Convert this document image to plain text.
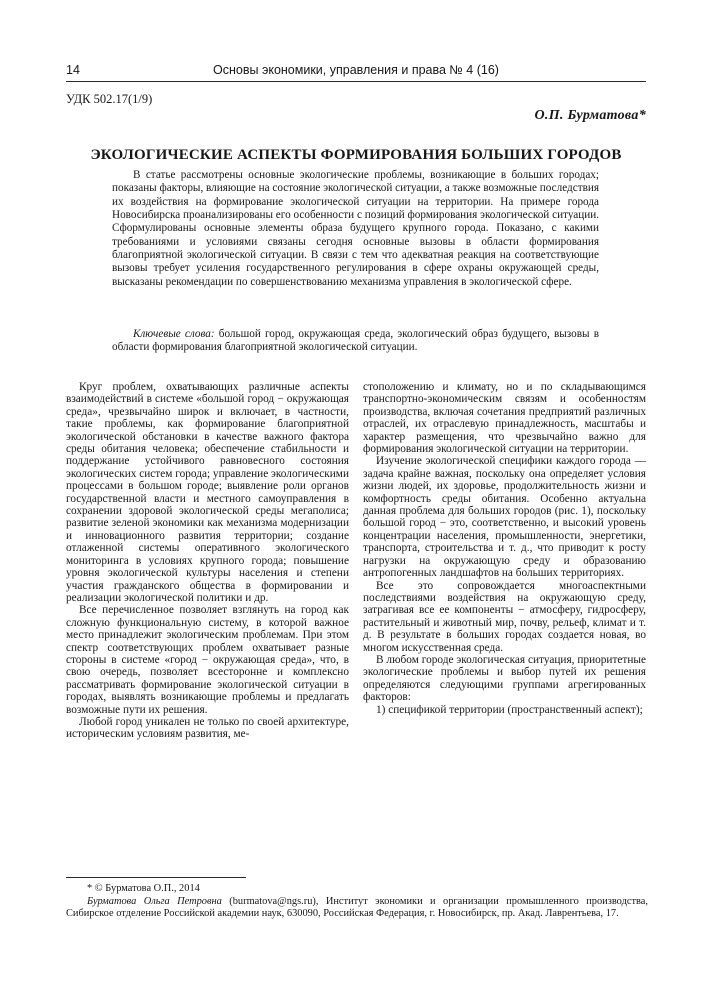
14	Основы экономики, управления и права № 4 (16)
УДК 502.17(1/9)
О.П. Бурматова*
ЭКОЛОГИЧЕСКИЕ АСПЕКТЫ ФОРМИРОВАНИЯ БОЛЬШИХ ГОРОДОВ
В статье рассмотрены основные экологические проблемы, возникающие в больших городах; показаны факторы, влияющие на состояние экологической ситуации, а также возможные последствия их воздействия на формирование экологической ситуации на территории. На примере города Новосибирска проанализированы его особенности с позиций формирования экологической ситуации. Сформулированы основные элементы образа будущего крупного города. Показано, с какими требованиями и условиями связаны сегодня основные вызовы в области формирования благоприятной экологической ситуации. В связи с тем что адекватная реакция на соответствующие вызовы требует усиления государственного регулирования в сфере охраны окружающей среды, высказаны рекомендации по совершенствованию механизма управления в экологической сфере.
Ключевые слова: большой город, окружающая среда, экологический образ будущего, вызовы в области формирования благоприятной экологической ситуации.

Круг проблем, охватывающих различные аспекты взаимодействий в системе «большой город − окружающая среда», чрезвычайно широк и включает, в частности, такие проблемы, как формирование благоприятной экологической обстановки в качестве важного фактора среды обитания человека; обеспечение стабильности и поддержание устойчивого равновесного состояния экологических систем города; управление экологическими процессами в большом городе; выявление роли органов государственной власти и местного самоуправления в сохранении здоровой экологической среды мегаполиса; развитие зеленой экономики как механизма модернизации и инновационного развития территории; создание отлаженной системы оперативного экологического мониторинга в условиях крупного города; повышение уровня экологической культуры населения и степени участия гражданского общества в формировании и реализации экологической политики и др.

Все перечисленное позволяет взглянуть на город как сложную функциональную систему, в которой важное место принадлежит экологическим проблемам. При этом спектр соответствующих проблем охватывает разные стороны в системе «город − окружающая среда», что, в свою очередь, позволяет всесторонне и комплексно рассматривать формирование экологической ситуации в городах, выявлять возникающие проблемы и предлагать возможные пути их решения.

Любой город уникален не только по своей архитектуре, историческим условиям развития, ме-

стоположению и климату, но и по складывающимся транспортно-экономическим связям и особенностям производства, включая сочетания предприятий различных отраслей, их отраслевую принадлежность, масштабы и характер размещения, что чрезвычайно важно для формирования экологической ситуации на территории.

Изучение экологической специфики каждого города — задача крайне важная, поскольку она определяет условия жизни людей, их здоровье, продолжительность жизни и комфортность среды обитания. Особенно актуальна данная проблема для больших городов (рис. 1), поскольку большой город − это, соответственно, и высокий уровень концентрации населения, промышленности, энергетики, транспорта, строительства и т. д., что приводит к росту нагрузки на окружающую среду и образованию антропогенных ландшафтов на больших территориях.

Все это сопровождается многоаспектными последствиями воздействия на окружающую среду, затрагивая все ее компоненты − атмосферу, гидросферу, растительный и животный мир, почву, рельеф, климат и т. д. В результате в больших городах создается новая, во многом искусственная среда.

В любом городе экологическая ситуация, приоритетные экологические проблемы и выбор путей их решения определяются следующими группами агрегированных факторов:

1) спецификой территории (пространственный аспект);

* © Бурматова О.П., 2014

Бурматова Ольга Петровна (burmatova@ngs.ru), Институт экономики и организации промышленного производства, Сибирское отделение Российской академии наук, 630090, Российская Федерация, г. Новосибирск, пр. Акад. Лаврентьева, 17.
